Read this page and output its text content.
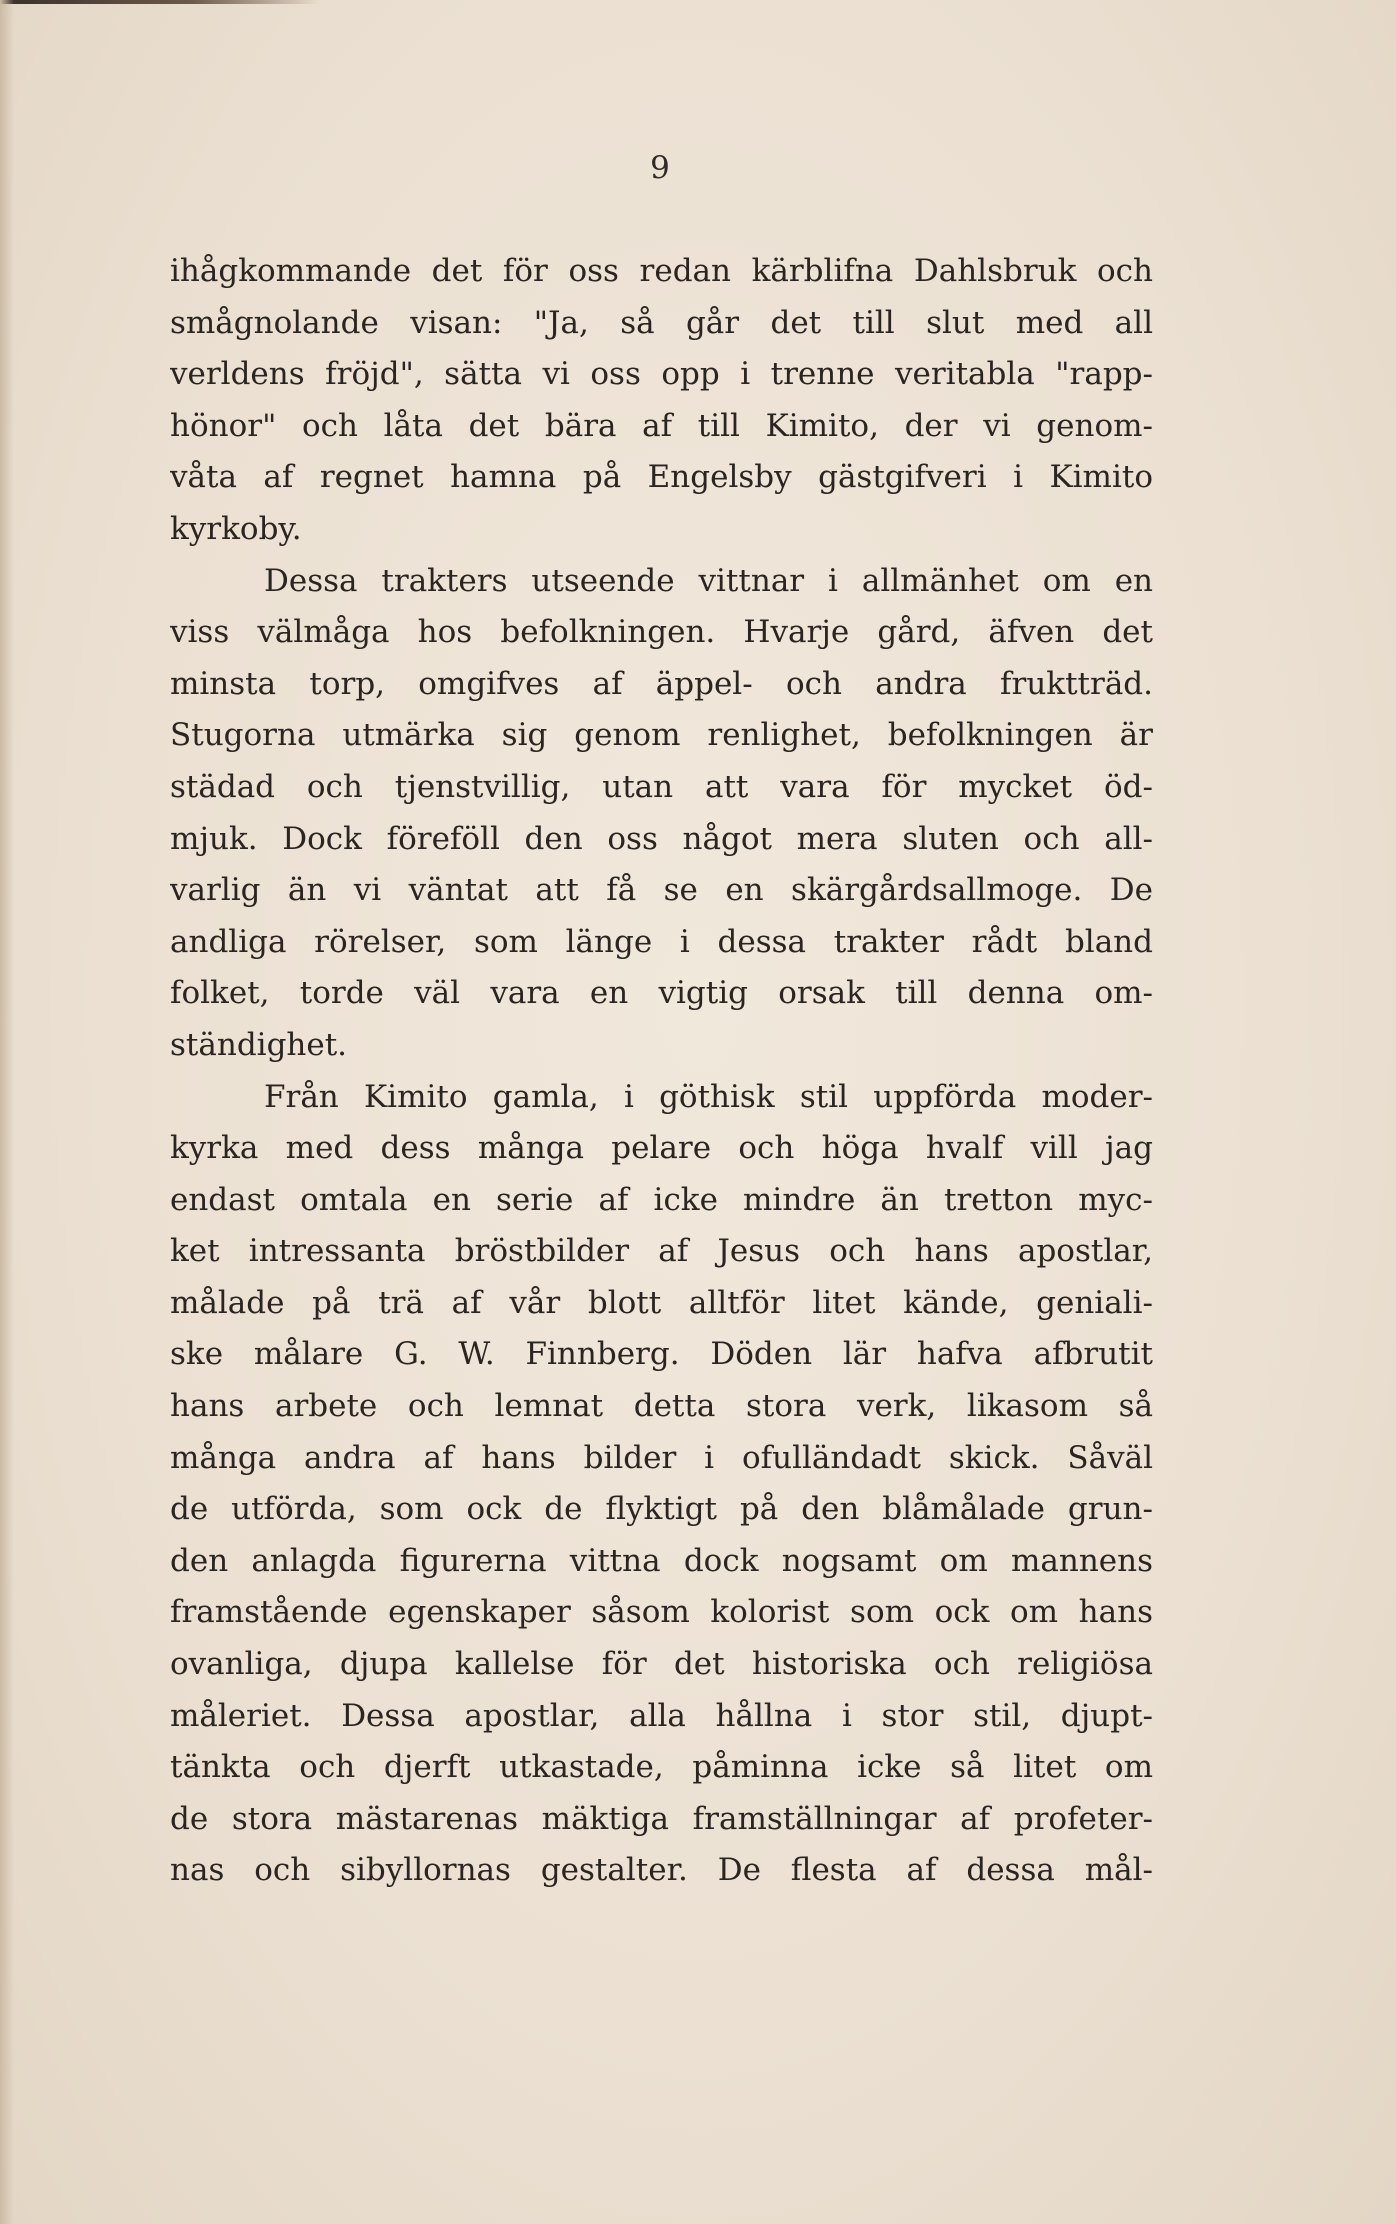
9
ihågkommande det för oss redan kärblifna Dahlsbruk och
smågnolande visan: "Ja, så går det till slut med all
verldens fröjd", sätta vi oss opp i trenne veritabla "rapp-
hönor" och låta det bära af till Kimito, der vi genom-
våta af regnet hamna på Engelsby gästgifveri i Kimito
kyrkoby.
Dessa trakters utseende vittnar i allmänhet om en
viss välmåga hos befolkningen. Hvarje gård, äfven det
minsta torp, omgifves af äppel- och andra fruktträd.
Stugorna utmärka sig genom renlighet, befolkningen är
städad och tjenstvillig, utan att vara för mycket öd-
mjuk. Dock föreföll den oss något mera sluten och all-
varlig än vi väntat att få se en skärgårdsallmoge. De
andliga rörelser, som länge i dessa trakter rådt bland
folket, torde väl vara en vigtig orsak till denna om-
ständighet.
Från Kimito gamla, i göthisk stil uppförda moder-
kyrka med dess många pelare och höga hvalf vill jag
endast omtala en serie af icke mindre än tretton myc-
ket intressanta bröstbilder af Jesus och hans apostlar,
målade på trä af vår blott alltför litet kände, geniali-
ske målare G. W. Finnberg. Döden lär hafva afbrutit
hans arbete och lemnat detta stora verk, likasom så
många andra af hans bilder i ofulländadt skick. Såväl
de utförda, som ock de flyktigt på den blåmålade grun-
den anlagda figurerna vittna dock nogsamt om mannens
framstående egenskaper såsom kolorist som ock om hans
ovanliga, djupa kallelse för det historiska och religiösa
måleriet. Dessa apostlar, alla hållna i stor stil, djupt-
tänkta och djerft utkastade, påminna icke så litet om
de stora mästarenas mäktiga framställningar af profeter-
nas och sibyllornas gestalter. De flesta af dessa mål-
